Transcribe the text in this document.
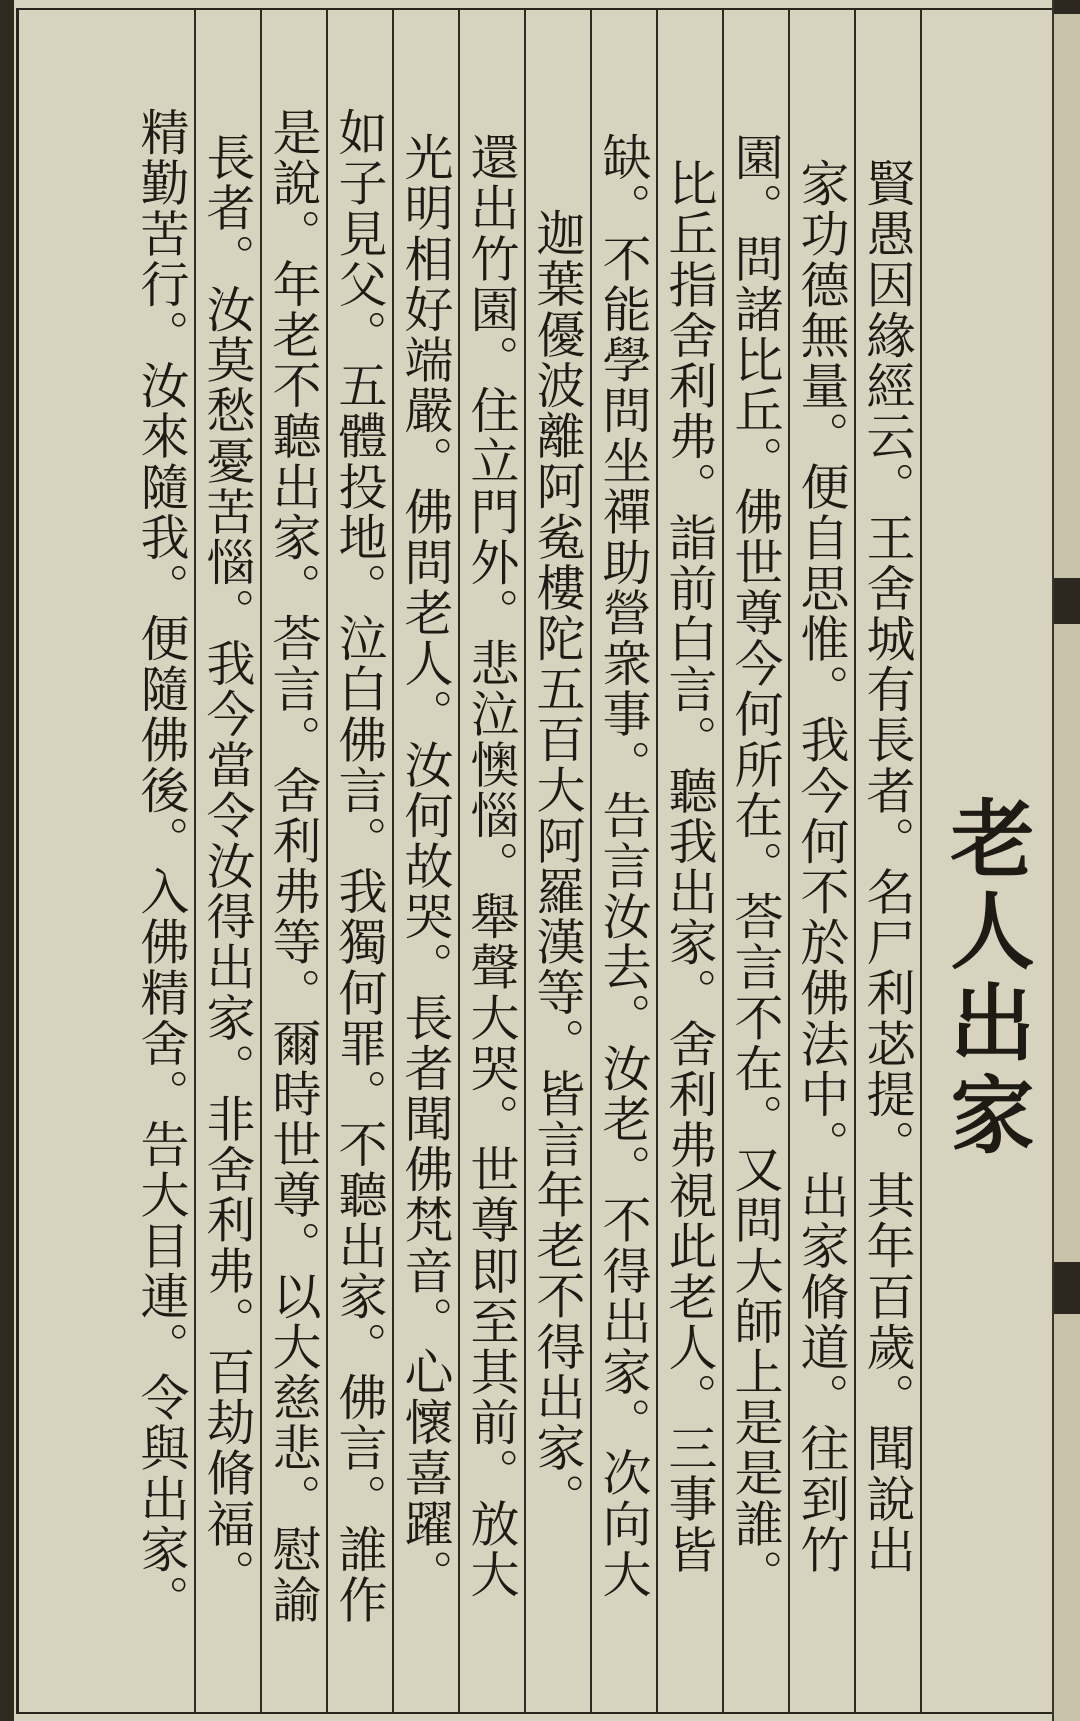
老人出家
賢愚因緣經云。王舍城有長者。名尸利苾提。其年百歲。聞說出
家功德無量。便自思惟。我今何不於佛法中。出家脩道。往到竹
園。問諸比丘。佛世尊今何所在。荅言不在。又問大師上是是誰。
比丘指舍利弗。詣前白言。聽我出家。舍利弗視此老人。三事皆
缺。不能學問坐禪助營衆事。告言汝去。汝老。不得出家。次向大
迦葉優波離阿㝹樓陀五百大阿羅漢等。皆言年老不得出家。
還出竹園。住立門外。悲泣懊惱。舉聲大哭。世尊即至其前。放大
光明相好端嚴。佛問老人。汝何故哭。長者聞佛梵音。心懷喜躍。
如子見父。五體投地。泣白佛言。我獨何罪。不聽出家。佛言。誰作
是說。年老不聽出家。荅言。舍利弗等。爾時世尊。以大慈悲。慰諭
長者。汝莫愁憂苦惱。我今當令汝得出家。非舍利弗。百劫脩福。
精勤苦行。汝來隨我。便隨佛後。入佛精舍。告大目連。令與出家。
